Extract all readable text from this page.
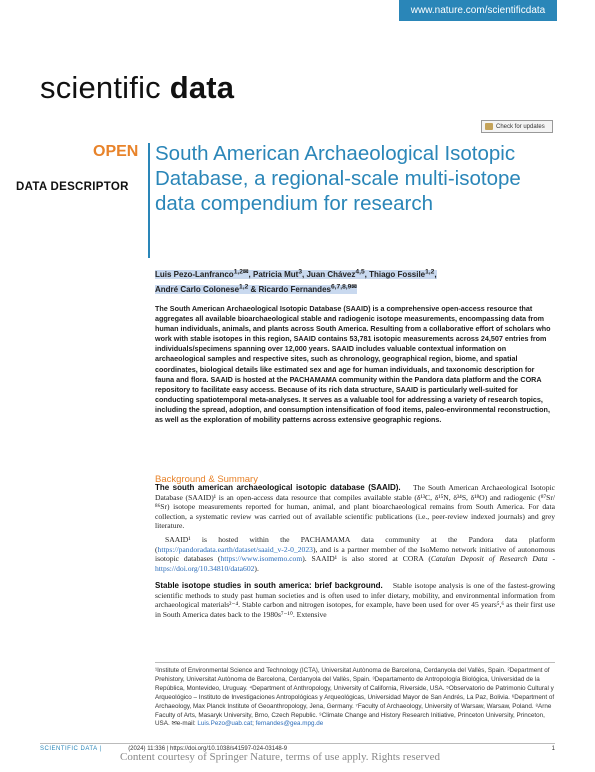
www.nature.com/scientificdata
scientific data
Check for updates
OPEN
DATA DESCRIPTOR
South American Archaeological Isotopic Database, a regional-scale multi-isotope data compendium for research
Luis Pezo-Lanfranco$^{1,2✉}$, Patricia Mut$^3$, Juan Chávez$^{4,5}$, Thiago Fossile$^{1,2}$,
André Carlo Colonese$^{1,2}$ & Ricardo Fernandes$^{6,7,8,9✉}$

The South American Archaeological Isotopic Database (SAAID) is a comprehensive open-access resource that aggregates all available bioarchaeological stable and radiogenic isotope measurements, encompassing data from human individuals, animals, and plants across South America. Resulting from a collaborative effort of scholars who work with stable isotopes in this region, SAAID contains 53,781 isotopic measurements across 24,507 entries from individuals/specimens spanning over 12,000 years. SAAID includes valuable contextual information on archaeological samples and respective sites, such as chronology, geographical region, biome, and spatial coordinates, biological details like estimated sex and age for human individuals, and taxonomic description for fauna and flora. SAAID is hosted at the PACHAMAMA community within the Pandora data platform and the CORA repository to facilitate easy access. Because of its rich data structure, SAAID is particularly well-suited for conducting spatiotemporal meta-analyses. It serves as a valuable tool for addressing a variety of research topics, including the spread, adoption, and consumption intensification of food items, paleo-environmental reconstruction, as well as the exploration of mobility patterns across extensive geographic regions.

Background & Summary

The south american archaeological isotopic database (SAAID). The South American Archaeological Isotopic Database (SAAID)¹ is an open-access data resource that compiles available stable (δ¹³C, δ¹⁵N, δ³⁴S, δ¹⁸O) and radiogenic (⁸⁷Sr/⁸⁶Sr) isotope measurements reported for human, animal, and plant bioarchaeological remains from South America. For data collection, a systematic review was carried out of available scientific publications (i.e., peer-review indexed journals) and grey literature.

SAAID¹ is hosted within the PACHAMAMA data community at the Pandora data platform (https://pandoradata.earth/dataset/saaid_v-2-0_2023), and is a partner member of the IsoMemo network initiative of autonomous isotopic databases (https://www.isomemo.com). SAAID¹ is also stored at CORA (Catalan Deposit of Research Data - https://doi.org/10.34810/data602).

Stable isotope studies in south america: brief background. Stable isotope analysis is one of the fastest-growing scientific methods to study past human societies and is often used to infer dietary, mobility, and environmental information from archaeological materials²⁻⁴. Stable carbon and nitrogen isotopes, for example, have been used for over 45 years⁵,⁶ as their first use in South America dates back to the 1980s⁷⁻¹⁰. Extensive

¹Institute of Environmental Science and Technology (ICTA), Universitat Autònoma de Barcelona, Cerdanyola del Vallès, Spain. ²Department of Prehistory, Universitat Autònoma de Barcelona, Cerdanyola del Vallès, Spain. ³Departamento de Antropología Biológica, Universidad de la República, Montevideo, Uruguay. ⁴Department of Anthropology, University of California, Riverside, USA. ⁵Observatorio de Patrimonio Cultural y Arqueológico – Instituto de Investigaciones Antropológicas y Arqueológicas, Universidad Mayor de San Andrés, La Paz, Bolivia. ⁶Department of Archaeology, Max Planck Institute of Geoanthropology, Jena, Germany. ⁷Faculty of Archaeology, University of Warsaw, Warsaw, Poland. ⁸Arne Faculty of Arts, Masaryk University, Brno, Czech Republic. ⁹Climate Change and History Research Initiative, Princeton University, Princeton, USA. ✉e-mail: Luis.Pezo@uab.cat; fernandes@gea.mpg.de

SCIENTIFIC DATA |	(2024) 11:336 | https://doi.org/10.1038/s41597-024-03148-9	1
Content courtesy of Springer Nature, terms of use apply. Rights reserved
